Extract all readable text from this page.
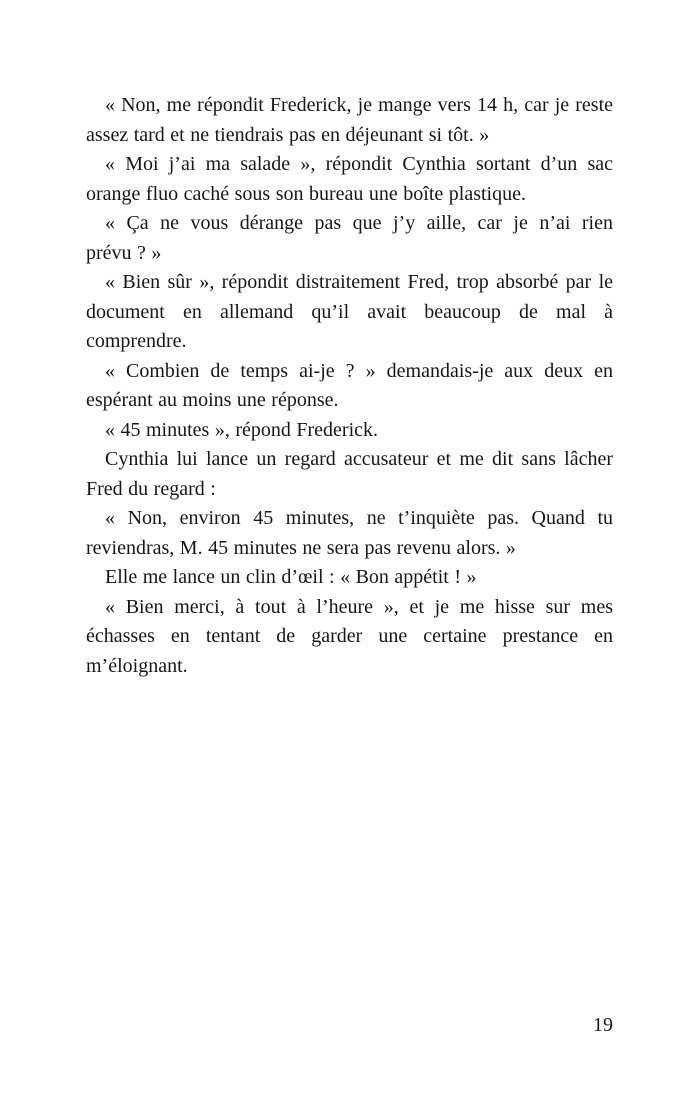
« Non, me répondit Frederick, je mange vers 14 h, car je reste assez tard et ne tiendrais pas en déjeunant si tôt. »

« Moi j’ai ma salade », répondit Cynthia sortant d’un sac orange fluo caché sous son bureau une boîte plastique.

« Ça ne vous dérange pas que j’y aille, car je n’ai rien prévu ? »

« Bien sûr », répondit distraitement Fred, trop absorbé par le document en allemand qu’il avait beaucoup de mal à comprendre.

« Combien de temps ai-je ? » demandais-je aux deux en espérant au moins une réponse.

« 45 minutes », répond Frederick.

Cynthia lui lance un regard accusateur et me dit sans lâcher Fred du regard :

« Non, environ 45 minutes, ne t’inquiète pas. Quand tu reviendras, M. 45 minutes ne sera pas revenu alors. »

Elle me lance un clin d’œil : « Bon appétit ! »

« Bien merci, à tout à l’heure », et je me hisse sur mes échasses en tentant de garder une certaine prestance en m’éloignant.

19
